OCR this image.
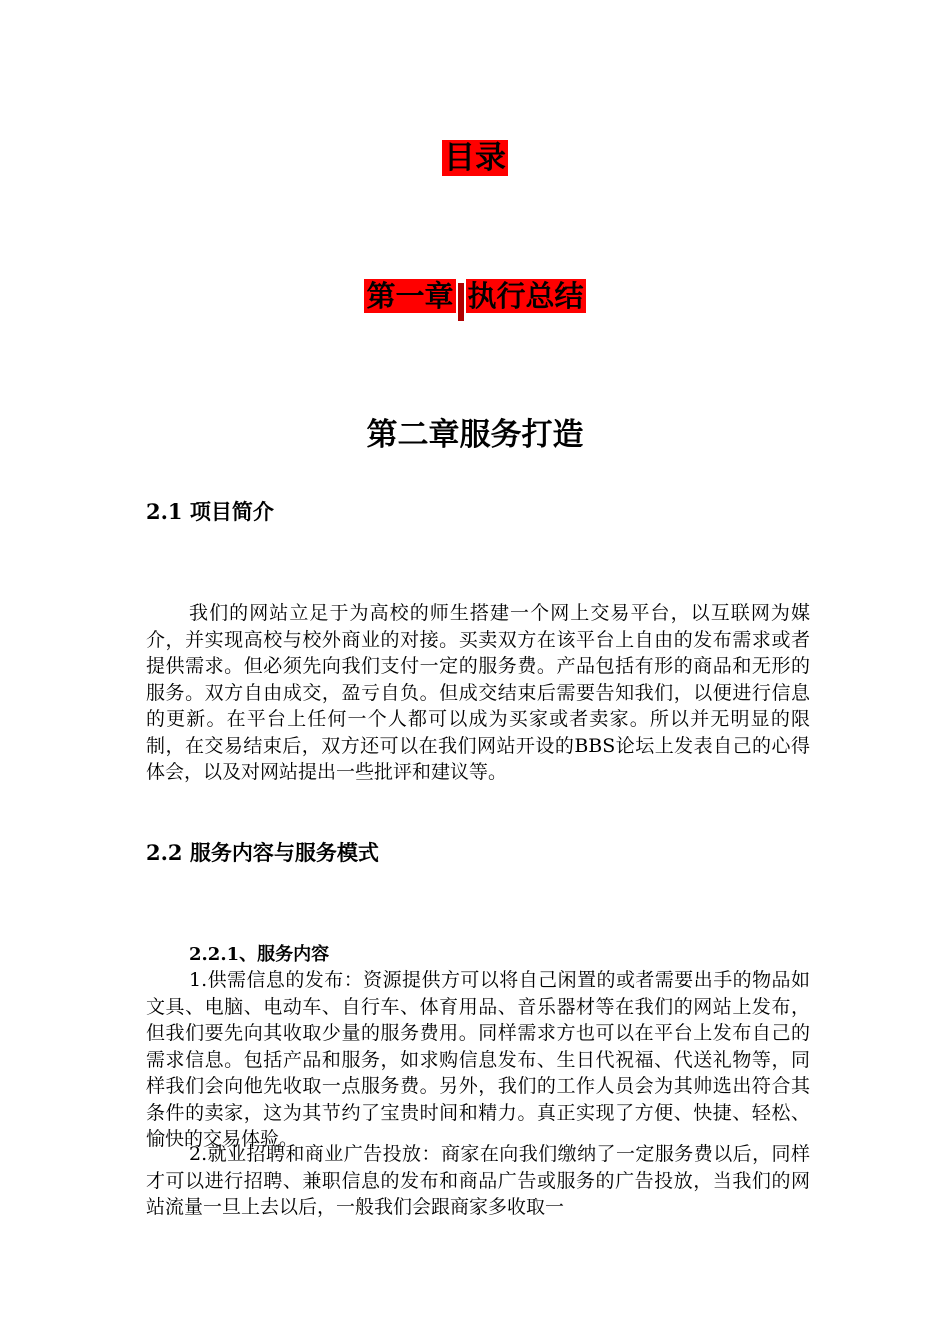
目录
第一章 执行总结
第二章服务打造
2.1 项目简介

我们的网站立足于为高校的师生搭建一个网上交易平台，以互联网为媒介，并实现高校与校外商业的对接。买卖双方在该平台上自由的发布需求或者提供需求。但必须先向我们支付一定的服务费。产品包括有形的商品和无形的服务。双方自由成交，盈亏自负。但成交结束后需要告知我们，以便进行信息的更新。在平台上任何一个人都可以成为买家或者卖家。所以并无明显的限制，在交易结束后，双方还可以在我们网站开设的BBS论坛上发表自己的心得体会，以及对网站提出一些批评和建议等。

2.2 服务内容与服务模式
2.2.1、服务内容

1.供需信息的发布：资源提供方可以将自己闲置的或者需要出手的物品如文具、电脑、电动车、自行车、体育用品、音乐器材等在我们的网站上发布，但我们要先向其收取少量的服务费用。同样需求方也可以在平台上发布自己的需求信息。包括产品和服务，如求购信息发布、生日代祝福、代送礼物等，同样我们会向他先收取一点服务费。另外，我们的工作人员会为其帅选出符合其条件的卖家，这为其节约了宝贵时间和精力。真正实现了方便、快捷、轻松、愉快的交易体验。

2.就业招聘和商业广告投放：商家在向我们缴纳了一定服务费以后，同样才可以进行招聘、兼职信息的发布和商品广告或服务的广告投放，当我们的网站流量一旦上去以后，一般我们会跟商家多收取一
